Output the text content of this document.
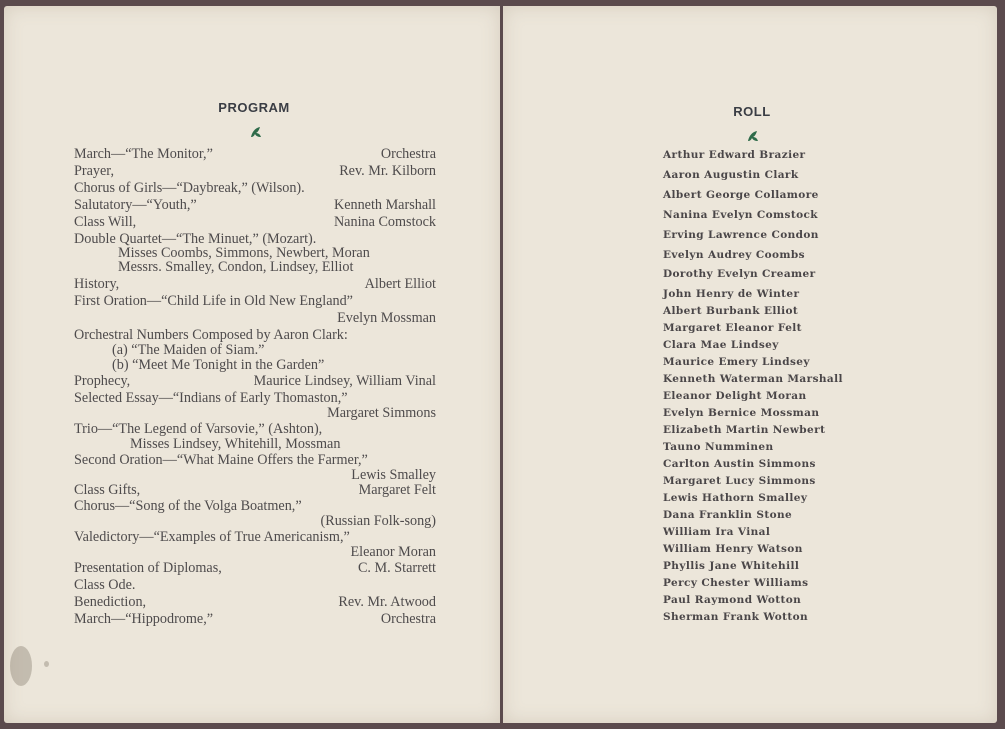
PROGRAM
March—“The Monitor,”	Orchestra
Prayer,	Rev. Mr. Kilborn
Chorus of Girls—“Daybreak,” (Wilson).
Salutatory—“Youth,”	Kenneth Marshall
Class Will,	Nanina Comstock
Double Quartet—“The Minuet,” (Mozart).
Misses Coombs, Simmons, Newbert, Moran
Messrs. Smalley, Condon, Lindsey, Elliot
History,	Albert Elliot
First Oration—“Child Life in Old New England”
Evelyn Mossman
Orchestral Numbers Composed by Aaron Clark:
(a) “The Maiden of Siam.”
(b) “Meet Me Tonight in the Garden”
Prophecy,	Maurice Lindsey, William Vinal
Selected Essay—“Indians of Early Thomaston,”
Margaret Simmons
Trio—“The Legend of Varsovie,” (Ashton),
Misses Lindsey, Whitehill, Mossman
Second Oration—“What Maine Offers the Farmer,”
Lewis Smalley
Class Gifts,	Margaret Felt
Chorus—“Song of the Volga Boatmen,”
(Russian Folk-song)
Valedictory—“Examples of True Americanism,”
Eleanor Moran
Presentation of Diplomas,	C. M. Starrett
Class Ode.
Benediction,	Rev. Mr. Atwood
March—“Hippodrome,”	Orchestra
ROLL
Arthur Edward Brazier
Aaron Augustin Clark
Albert George Collamore
Nanina Evelyn Comstock
Erving Lawrence Condon
Evelyn Audrey Coombs
Dorothy Evelyn Creamer
John Henry de Winter
Albert Burbank Elliot
Margaret Eleanor Felt
Clara Mae Lindsey
Maurice Emery Lindsey
Kenneth Waterman Marshall
Eleanor Delight Moran
Evelyn Bernice Mossman
Elizabeth Martin Newbert
Tauno Numminen
Carlton Austin Simmons
Margaret Lucy Simmons
Lewis Hathorn Smalley
Dana Franklin Stone
William Ira Vinal
William Henry Watson
Phyllis Jane Whitehill
Percy Chester Williams
Paul Raymond Wotton
Sherman Frank Wotton
